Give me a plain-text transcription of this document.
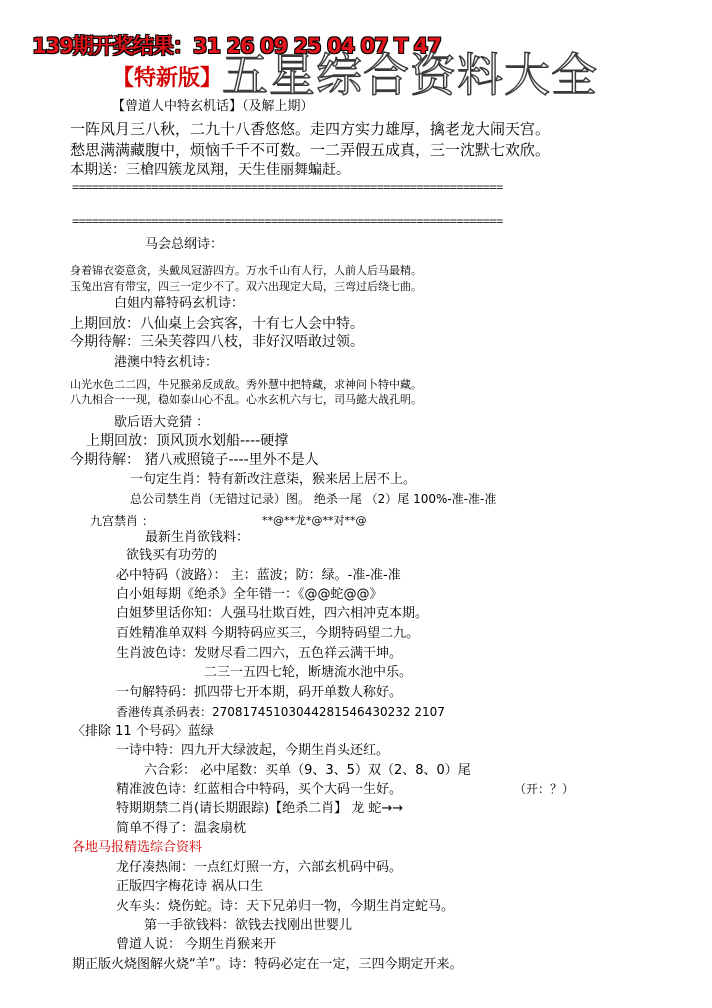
139期开奖结果：31 26 09 25 04 07 T 47
【特新版】 五星综合资料大全
【曾道人中特玄机话】（及解上期）
一阵风月三八秋，二九十八香悠悠。走四方实力雄厚，擒老龙大闹天宫。
愁思满满藏腹中，烦恼千千不可数。一二弄假五成真，三一沈默七欢欣。
本期送：三槍四簇龙凤翔，天生佳丽舞蝙赶。
=================================================================
=================================================================
马会总纲诗：
身着锦衣姿意贪，头戴凤冠游四方。万水千山有人行，人前人后马最精。
玉兔出宫有带宝，四三一定少不了。双六出现定大局，三弯过后绕七曲。
白姐内幕特码玄机诗：
上期回放：八仙桌上会宾客，十有七人会中特。
今期待解：三朵芙蓉四八枝，非好汉唔敢过领。
港澳中特玄机诗：
山光水色二二四，牛兄猴弟反成敌。秀外慧中把特藏，求神问卜特中藏。
八九相合一一现，稳如泰山心不乱。心水玄机六与七，司马懿大战孔明。
歇后语大竞猜 ：
上期回放：顶风顶水划船----硬撑
今期待解： 猪八戒照镜子----里外不是人
一句定生肖：特有新改注意柒，猴来居上居不上。
总公司禁生肖（无错过记录）图。 绝杀一尾 （2）尾 100%-准-准-准
九宫禁肖 ：	**@**龙*@**对**@
最新生肖欲钱料：
欲钱买有功劳的
必中特码（波路）： 主：蓝波；防：绿。-准-准-准
白小姐每期《绝杀》全年错一：《@@蛇@@》
白姐梦里话你知：人强马壮欺百姓，四六相冲克本期。
百姓精准单双料 今期特码应买三，今期特码望二九。
生肖波色诗：发财尽看二四六，五色祥云满干坤。
二三一五四七轮，断塘流水池中乐。
一句解特码：抓四带七开本期，码开单数人称好。
香港传真杀码表：27081745103044281546430232 2107
〈排除 11 个号码〉蓝绿
一诗中特：四九开大绿波起，今期生肖头还红。
六合彩： 必中尾数：买单（9、3、5）双（2、8、0）尾
精准波色诗：红蓝相合中特码，买个大码一生好。	（开：？）
特期期禁二肖(请长期跟踪)【绝杀二肖】 龙 蛇→→
简单不得了：温衾扇枕
各地马报精选综合资料
龙仔凑热闹：一点红灯照一方，六部玄机码中码。
正版四字梅花诗 祸从口生
火车头：烧伤蛇。诗：天下兄弟归一物，今期生肖定蛇马。
第一手欲钱料：欲钱去找刚出世婴儿
曾道人说： 今期生肖猴来开
期正版火烧图解火烧“羊”。诗：特码必定在一定，三四今期定开来。
